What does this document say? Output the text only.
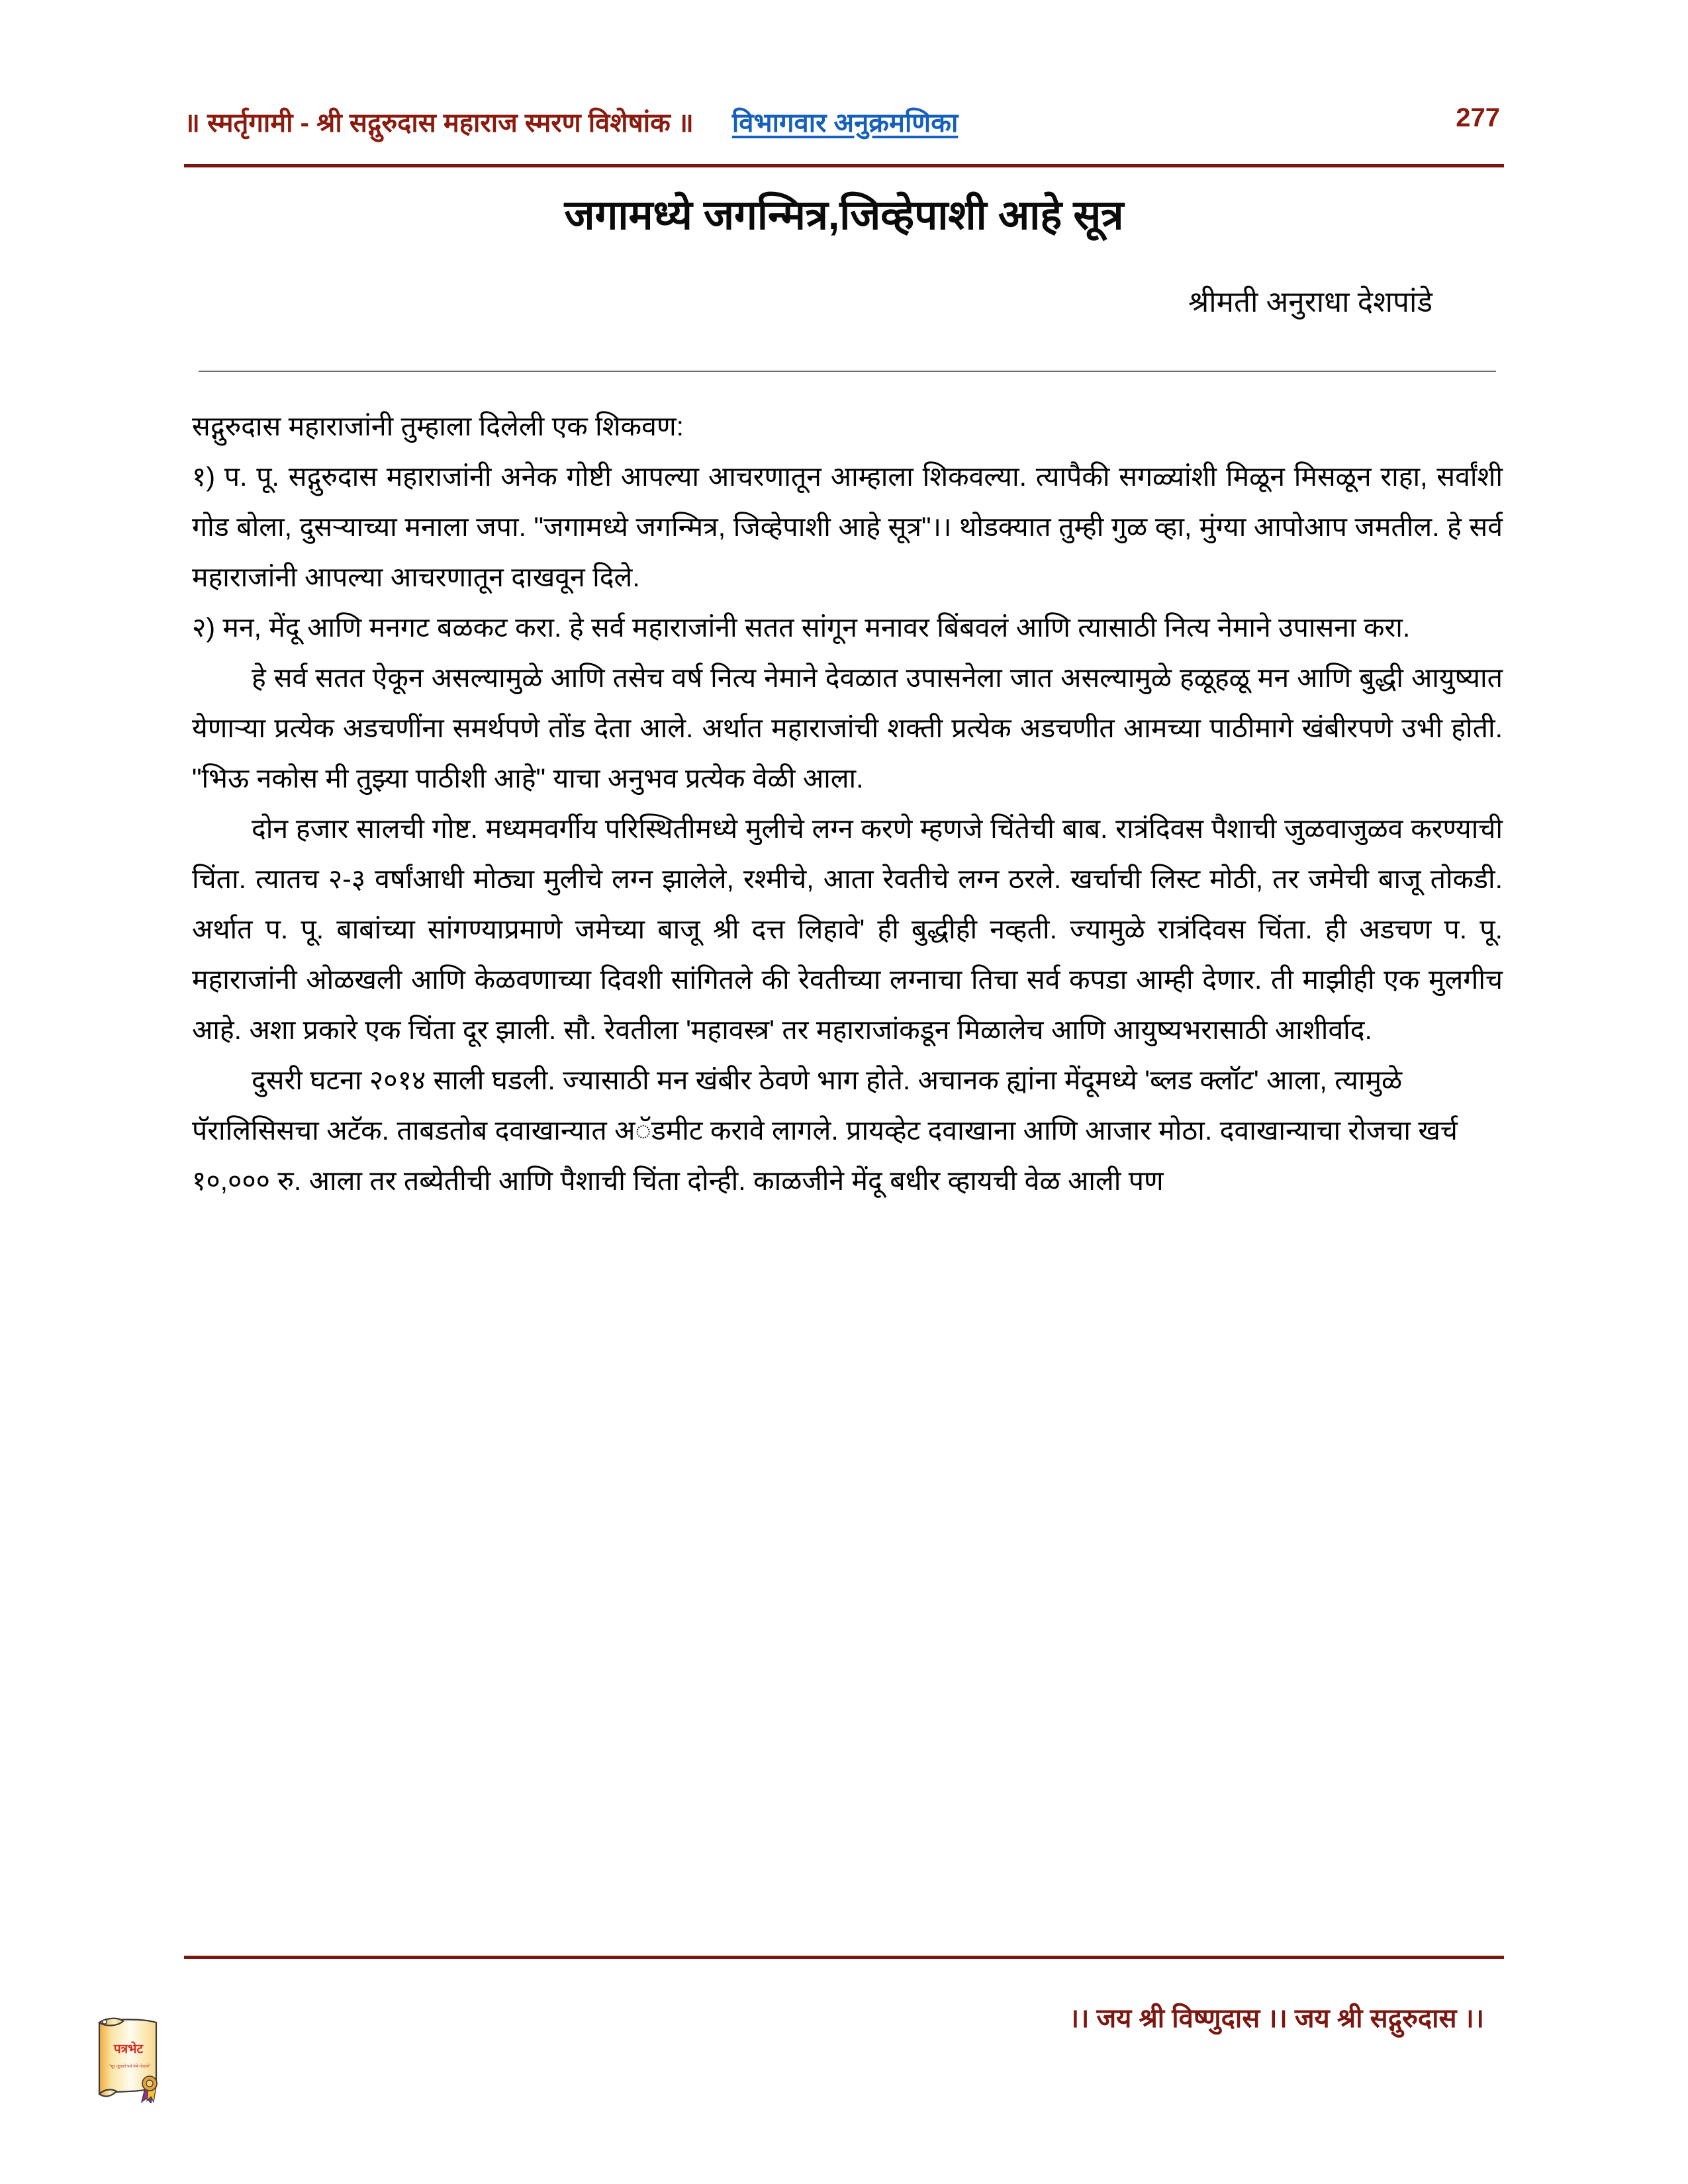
॥ स्मर्तृगामी - श्री सद्गुरुदास महाराज स्मरण विशेषांक ॥ विभागवार अनुक्रमणिका	277
जगामध्ये जगन्मित्र,जिव्हेपाशी आहे सूत्र
श्रीमती अनुराधा देशपांडे

सद्गुरुदास महाराजांनी तुम्हाला दिलेली एक शिकवण:

१) प. पू. सद्गुरुदास महाराजांनी अनेक गोष्टी आपल्या आचरणातून आम्हाला शिकवल्या. त्यापैकी सगळ्यांशी मिळून मिसळून राहा, सर्वांशी गोड बोला, दुसऱ्याच्या मनाला जपा. "जगामध्ये जगन्मित्र, जिव्हेपाशी आहे सूत्र"।। थोडक्यात तुम्ही गुळ व्हा, मुंग्या आपोआप जमतील. हे सर्व महाराजांनी आपल्या आचरणातून दाखवून दिले.

२) मन, मेंदू आणि मनगट बळकट करा. हे सर्व महाराजांनी सतत सांगून मनावर बिंबवलं आणि त्यासाठी नित्य नेमाने उपासना करा.

हे सर्व सतत ऐकून असल्यामुळे आणि तसेच वर्ष नित्य नेमाने देवळात उपासनेला जात असल्यामुळे हळूहळू मन आणि बुद्धी आयुष्यात येणाऱ्या प्रत्येक अडचणींना समर्थपणे तोंड देता आले. अर्थात महाराजांची शक्ती प्रत्येक अडचणीत आमच्या पाठीमागे खंबीरपणे उभी होती. "भिऊ नकोस मी तुझ्या पाठीशी आहे" याचा अनुभव प्रत्येक वेळी आला.

दोन हजार सालची गोष्ट. मध्यमवर्गीय परिस्थितीमध्ये मुलीचे लग्न करणे म्हणजे चिंतेची बाब. रात्रंदिवस पैशाची जुळवाजुळव करण्याची चिंता. त्यातच २-३ वर्षांआधी मोठ्या मुलीचे लग्न झालेले, रश्मीचे, आता रेवतीचे लग्न ठरले. खर्चाची लिस्ट मोठी, तर जमेची बाजू तोकडी. अर्थात प. पू. बाबांच्या सांगण्याप्रमाणे जमेच्या बाजू श्री दत्त लिहावे' ही बुद्धीही नव्हती. ज्यामुळे रात्रंदिवस चिंता. ही अडचण प. पू. महाराजांनी ओळखली आणि केळवणाच्या दिवशी सांगितले की रेवतीच्या लग्नाचा तिचा सर्व कपडा आम्ही देणार. ती माझीही एक मुलगीच आहे. अशा प्रकारे एक चिंता दूर झाली. सौ. रेवतीला 'महावस्त्र' तर महाराजांकडून मिळालेच आणि आयुष्यभरासाठी आशीर्वाद.

दुसरी घटना २०१४ साली घडली. ज्यासाठी मन खंबीर ठेवणे भाग होते. अचानक ह्यांना मेंदूमध्ये 'ब्लड क्लॉट' आला, त्यामुळे पॅरालिसिसचा अटॅक. ताबडतोब दवाखान्यात अॅडमीट करावे लागले. प्रायव्हेट दवाखाना आणि आजार मोठा. दवाखान्याचा रोजचा खर्च १०,००० रु. आला तर तब्येतीची आणि पैशाची चिंता दोन्ही. काळजीने मेंदू बधीर व्हायची वेळ आली पण

।। जय श्री विष्णुदास ।। जय श्री सद्गुरुदास ।।
पत्रभेट
"सूर जुळले पत्रे नेमे गोठावे"
